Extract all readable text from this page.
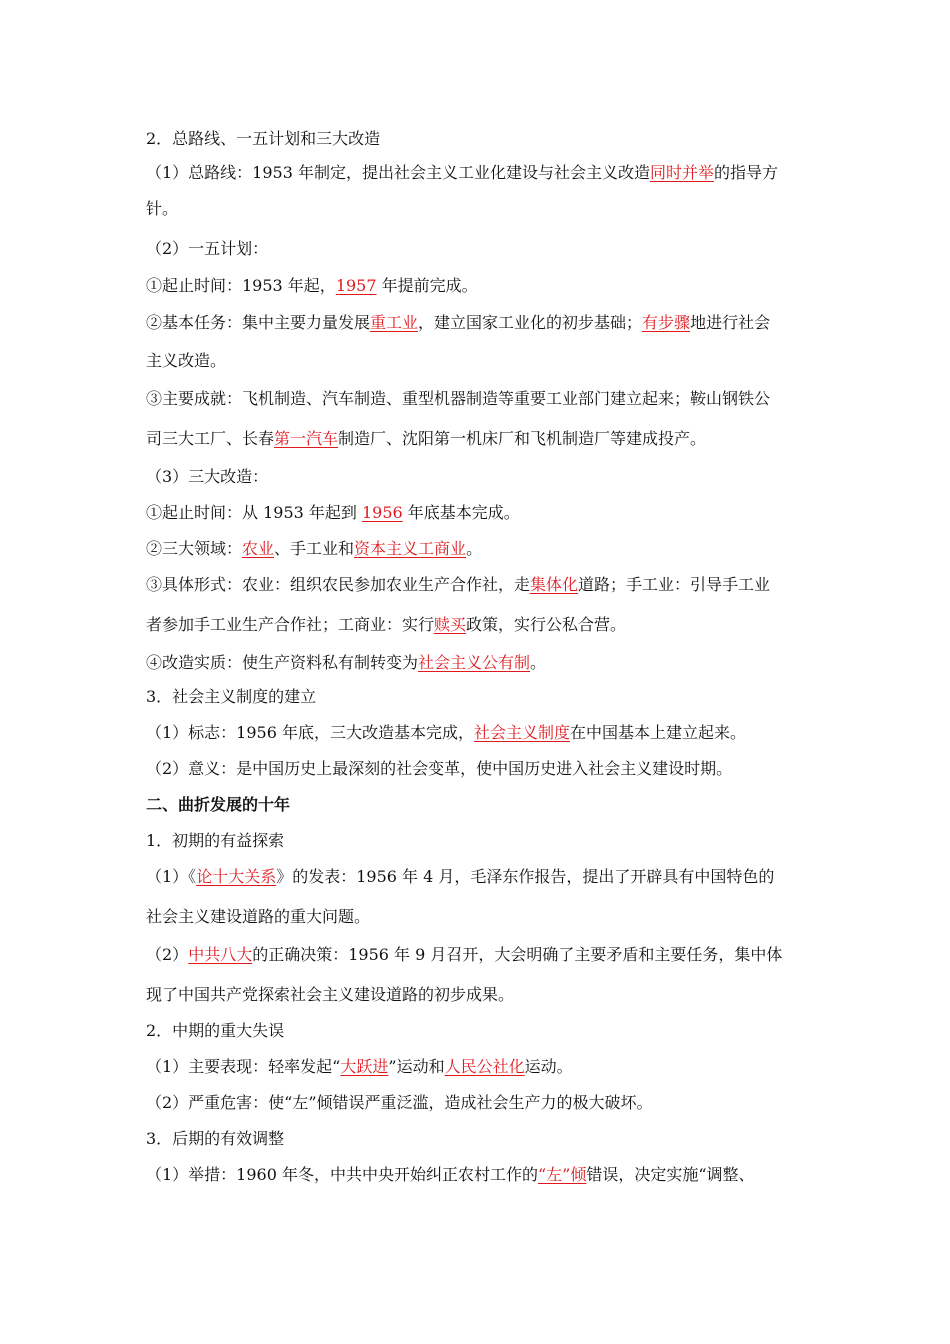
2．总路线、一五计划和三大改造
（1）总路线：1953 年制定，提出社会主义工业化建设与社会主义改造同时并举的指导方
针。
（2）一五计划：
①起止时间：1953 年起，1957 年提前完成。
②基本任务：集中主要力量发展重工业，建立国家工业化的初步基础；有步骤地进行社会
主义改造。
③主要成就：飞机制造、汽车制造、重型机器制造等重要工业部门建立起来；鞍山钢铁公
司三大工厂、长春第一汽车制造厂、沈阳第一机床厂和飞机制造厂等建成投产。
（3）三大改造：
①起止时间：从 1953 年起到 1956 年底基本完成。
②三大领域：农业、手工业和资本主义工商业。
③具体形式：农业：组织农民参加农业生产合作社，走集体化道路；手工业：引导手工业
者参加手工业生产合作社；工商业：实行赎买政策，实行公私合营。
④改造实质：使生产资料私有制转变为社会主义公有制。
3．社会主义制度的建立
（1）标志：1956 年底，三大改造基本完成，社会主义制度在中国基本上建立起来。
（2）意义：是中国历史上最深刻的社会变革，使中国历史进入社会主义建设时期。
二、曲折发展的十年
1．初期的有益探索
（1）《论十大关系》的发表：1956 年 4 月，毛泽东作报告，提出了开辟具有中国特色的
社会主义建设道路的重大问题。
（2）中共八大的正确决策：1956 年 9 月召开，大会明确了主要矛盾和主要任务，集中体
现了中国共产党探索社会主义建设道路的初步成果。
2．中期的重大失误
（1）主要表现：轻率发起“大跃进”运动和人民公社化运动。
（2）严重危害：使“左”倾错误严重泛滥，造成社会生产力的极大破坏。
3．后期的有效调整
（1）举措：1960 年冬，中共中央开始纠正农村工作的“左”倾错误，决定实施“调整、
